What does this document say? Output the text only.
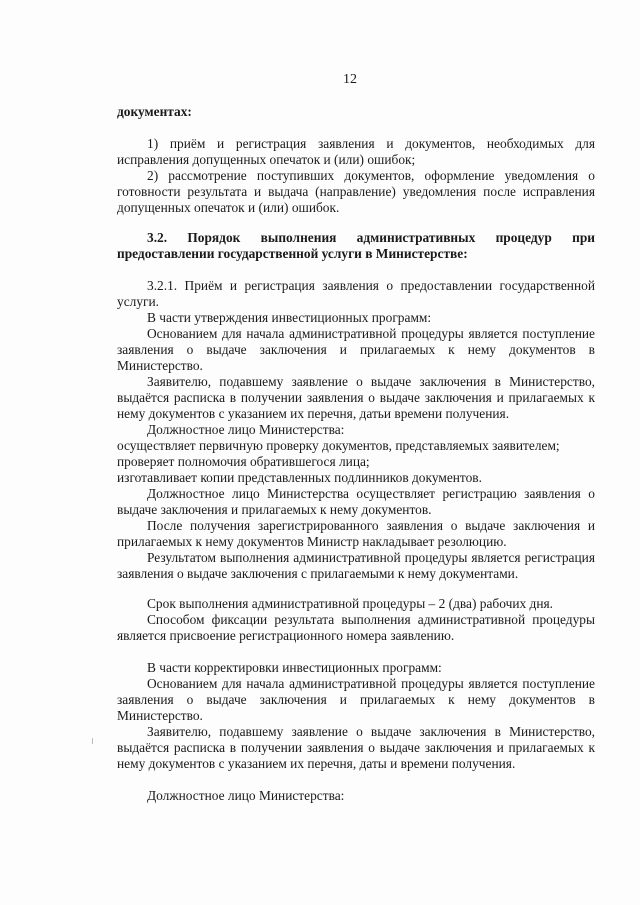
12
документах:
1) приём и регистрация заявления и документов, необходимых для исправления допущенных опечаток и (или) ошибок;
2) рассмотрение поступивших документов, оформление уведомления о готовности результата и выдача (направление) уведомления после исправления допущенных опечаток и (или) ошибок.
3.2. Порядок выполнения административных процедур при предоставлении государственной услуги в Министерстве:
3.2.1. Приём и регистрация заявления о предоставлении государственной услуги.
В части утверждения инвестиционных программ:
Основанием для начала административной процедуры является поступление заявления о выдаче заключения и прилагаемых к нему документов в Министерство.
Заявителю, подавшему заявление о выдаче заключения в Министерство, выдаётся расписка в получении заявления о выдаче заключения и прилагаемых к нему документов с указанием их перечня, датьи времени получения.
Должностное лицо Министерства:
осуществляет первичную проверку документов, представляемых заявителем;
проверяет полномочия обратившегося лица;
изготавливает копии представленных подлинников документов.
Должностное лицо Министерства осуществляет регистрацию заявления о выдаче заключения и прилагаемых к нему документов.
После получения зарегистрированного заявления о выдаче заключения и прилагаемых к нему документов Министр накладывает резолюцию.
Результатом выполнения административной процедуры является регистрация заявления о выдаче заключения с прилагаемыми к нему документами.
Срок выполнения административной процедуры – 2 (два) рабочих дня.
Способом фиксации результата выполнения административной процедуры является присвоение регистрационного номера заявлению.
В части корректировки инвестиционных программ:
Основанием для начала административной процедуры является поступление заявления о выдаче заключения и прилагаемых к нему документов в Министерство.
Заявителю, подавшему заявление о выдаче заключения в Министерство, выдаётся расписка в получении заявления о выдаче заключения и прилагаемых к нему документов с указанием их перечня, даты и времени получения.
Должностное лицо Министерства:
